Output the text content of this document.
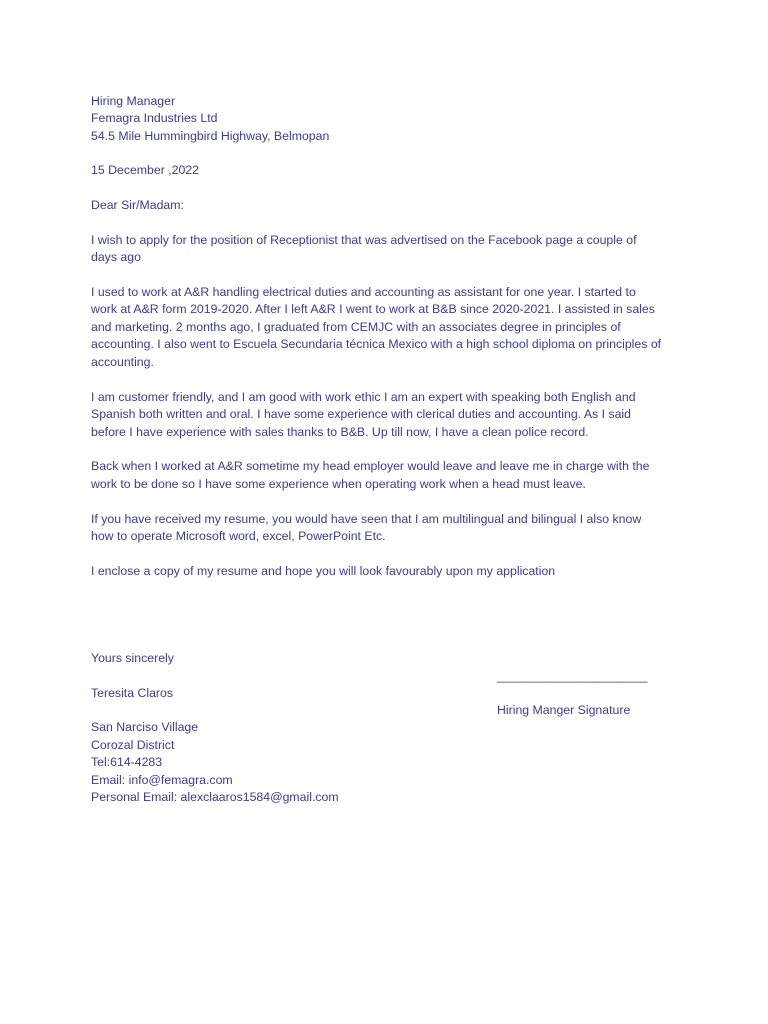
Hiring Manager

Femagra Industries Ltd

54.5 Mile Hummingbird Highway, Belmopan

15 December ,2022

Dear Sir/Madam:

I wish to apply for the position of Receptionist that was advertised on the Facebook page a couple of

days ago

I used to work at A&R handling electrical duties and accounting as assistant for one year. I started to

work at A&R form 2019-2020. After I left A&R I went to work at B&B since 2020-2021. I assisted in sales

and marketing. 2 months ago, I graduated from CEMJC with an associates degree in principles of

accounting. I also went to Escuela Secundaria técnica Mexico with a high school diploma on principles of

accounting.

I am customer friendly, and I am good with work ethic I am an expert with speaking both English and

Spanish both written and oral. I have some experience with clerical duties and accounting. As I said

before I have experience with sales thanks to B&B. Up till now, I have a clean police record.

Back when I worked at A&R sometime my head employer would leave and leave me in charge with the

work to be done so I have some experience when operating work when a head must leave.

If you have received my resume, you would have seen that I am multilingual and bilingual I also know

how to operate Microsoft word, excel, PowerPoint Etc.

I enclose a copy of my resume and hope you will look favourably upon my application

Yours sincerely

______________________

Teresita Claros

Hiring Manger Signature

San Narciso Village

Corozal District

Tel:614-4283

Email: info@femagra.com

Personal Email: alexclaaros1584@gmail.com
